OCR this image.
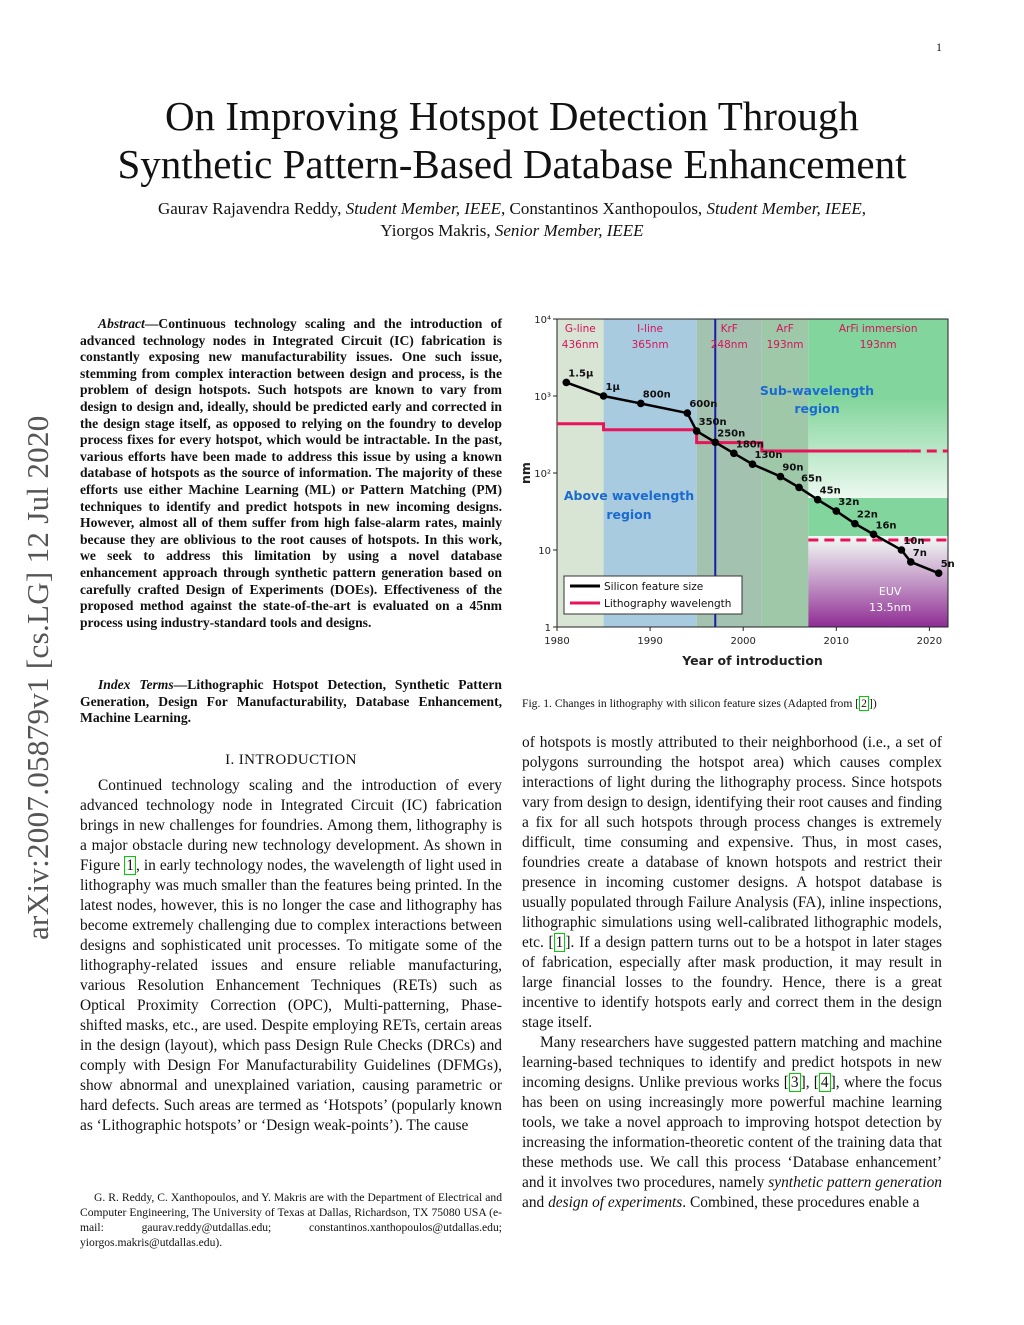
1
arXiv:2007.05879v1 [cs.LG] 12 Jul 2020
On Improving Hotspot Detection Through
Synthetic Pattern-Based Database Enhancement
Gaurav Rajavendra Reddy, Student Member, IEEE, Constantinos Xanthopoulos, Student Member, IEEE,
Yiorgos Makris, Senior Member, IEEE
Abstract—Continuous technology scaling and the introduction of advanced technology nodes in Integrated Circuit (IC) fabrication is constantly exposing new manufacturability issues. One such issue, stemming from complex interaction between design and process, is the problem of design hotspots. Such hotspots are known to vary from design to design and, ideally, should be predicted early and corrected in the design stage itself, as opposed to relying on the foundry to develop process fixes for every hotspot, which would be intractable. In the past, various efforts have been made to address this issue by using a known database of hotspots as the source of information. The majority of these efforts use either Machine Learning (ML) or Pattern Matching (PM) techniques to identify and predict hotspots in new incoming designs. However, almost all of them suffer from high false-alarm rates, mainly because they are oblivious to the root causes of hotspots. In this work, we seek to address this limitation by using a novel database enhancement approach through synthetic pattern generation based on carefully crafted Design of Experiments (DOEs). Effectiveness of the proposed method against the state-of-the-art is evaluated on a 45nm process using industry-standard tools and designs.
Index Terms—Lithographic Hotspot Detection, Synthetic Pattern Generation, Design For Manufacturability, Database Enhancement, Machine Learning.
I. INTRODUCTION
Continued technology scaling and the introduction of every advanced technology node in Integrated Circuit (IC) fabrication brings in new challenges for foundries. Among them, lithography is a major obstacle during new technology development. As shown in Figure 1 , in early technology nodes, the wavelength of light used in lithography was much smaller than the features being printed. In the latest nodes, however, this is no longer the case and lithography has become extremely challenging due to complex interactions between designs and sophisticated unit processes. To mitigate some of the lithography-related issues and ensure reliable manufacturing, various Resolution Enhancement Techniques (RETs) such as Optical Proximity Correction (OPC), Multi-patterning, Phase-shifted masks, etc., are used. Despite employing RETs, certain areas in the design (layout), which pass Design Rule Checks (DRCs) and comply with Design For Manufacturability Guidelines (DFMGs), show abnormal and unexplained variation, causing parametric or hard defects. Such areas are termed as ‘Hotspots’ (popularly known as ‘Lithographic hotspots’ or ‘Design weak-points’). The cause
G. R. Reddy, C. Xanthopoulos, and Y. Makris are with the Department of Electrical and Computer Engineering, The University of Texas at Dallas, Richardson, TX 75080 USA (e-mail: gaurav.reddy@utdallas.edu; constantinos.xanthopoulos@utdallas.edu; yiorgos.makris@utdallas.edu).
1980	1990	2000	2010	2020
1
10
10²
10³
10⁴
Year of introduction
nm
1.5µ
1µ
800n
600n
350n
250n
180n
130n
90n
65n
45n
32n
22n
16n
10n
7n
5n
G-line
436nm
I-line
365nm
KrF
248nm
ArF
193nm
ArFi immersion
193nm
EUV
13.5nm
Sub-wavelength
region
Above wavelength
region
Silicon feature size
Lithography wavelength
Fig. 1. Changes in lithography with silicon feature sizes (Adapted from [ 2 ])

of hotspots is mostly attributed to their neighborhood (i.e., a set of polygons surrounding the hotspot area) which causes complex interactions of light during the lithography process. Since hotspots vary from design to design, identifying their root causes and finding a fix for all such hotspots through process changes is extremely difficult, time consuming and expensive. Thus, in most cases, foundries create a database of known hotspots and restrict their presence in incoming customer designs. A hotspot database is usually populated through Failure Analysis (FA), inline inspections, lithographic simulations using well-calibrated lithographic models, etc. [ 1 ]. If a design pattern turns out to be a hotspot in later stages of fabrication, especially after mask production, it may result in large financial losses to the foundry. Hence, there is a great incentive to identify hotspots early and correct them in the design stage itself.

Many researchers have suggested pattern matching and machine learning-based techniques to identify and predict hotspots in new incoming designs. Unlike previous works [ 3 ], [ 4 ], where the focus has been on using increasingly more powerful machine learning tools, we take a novel approach to improving hotspot detection by increasing the information-theoretic content of the training data that these methods use. We call this process ‘Database enhancement’ and it involves two procedures, namely synthetic pattern generation and design of experiments. Combined, these procedures enable a
